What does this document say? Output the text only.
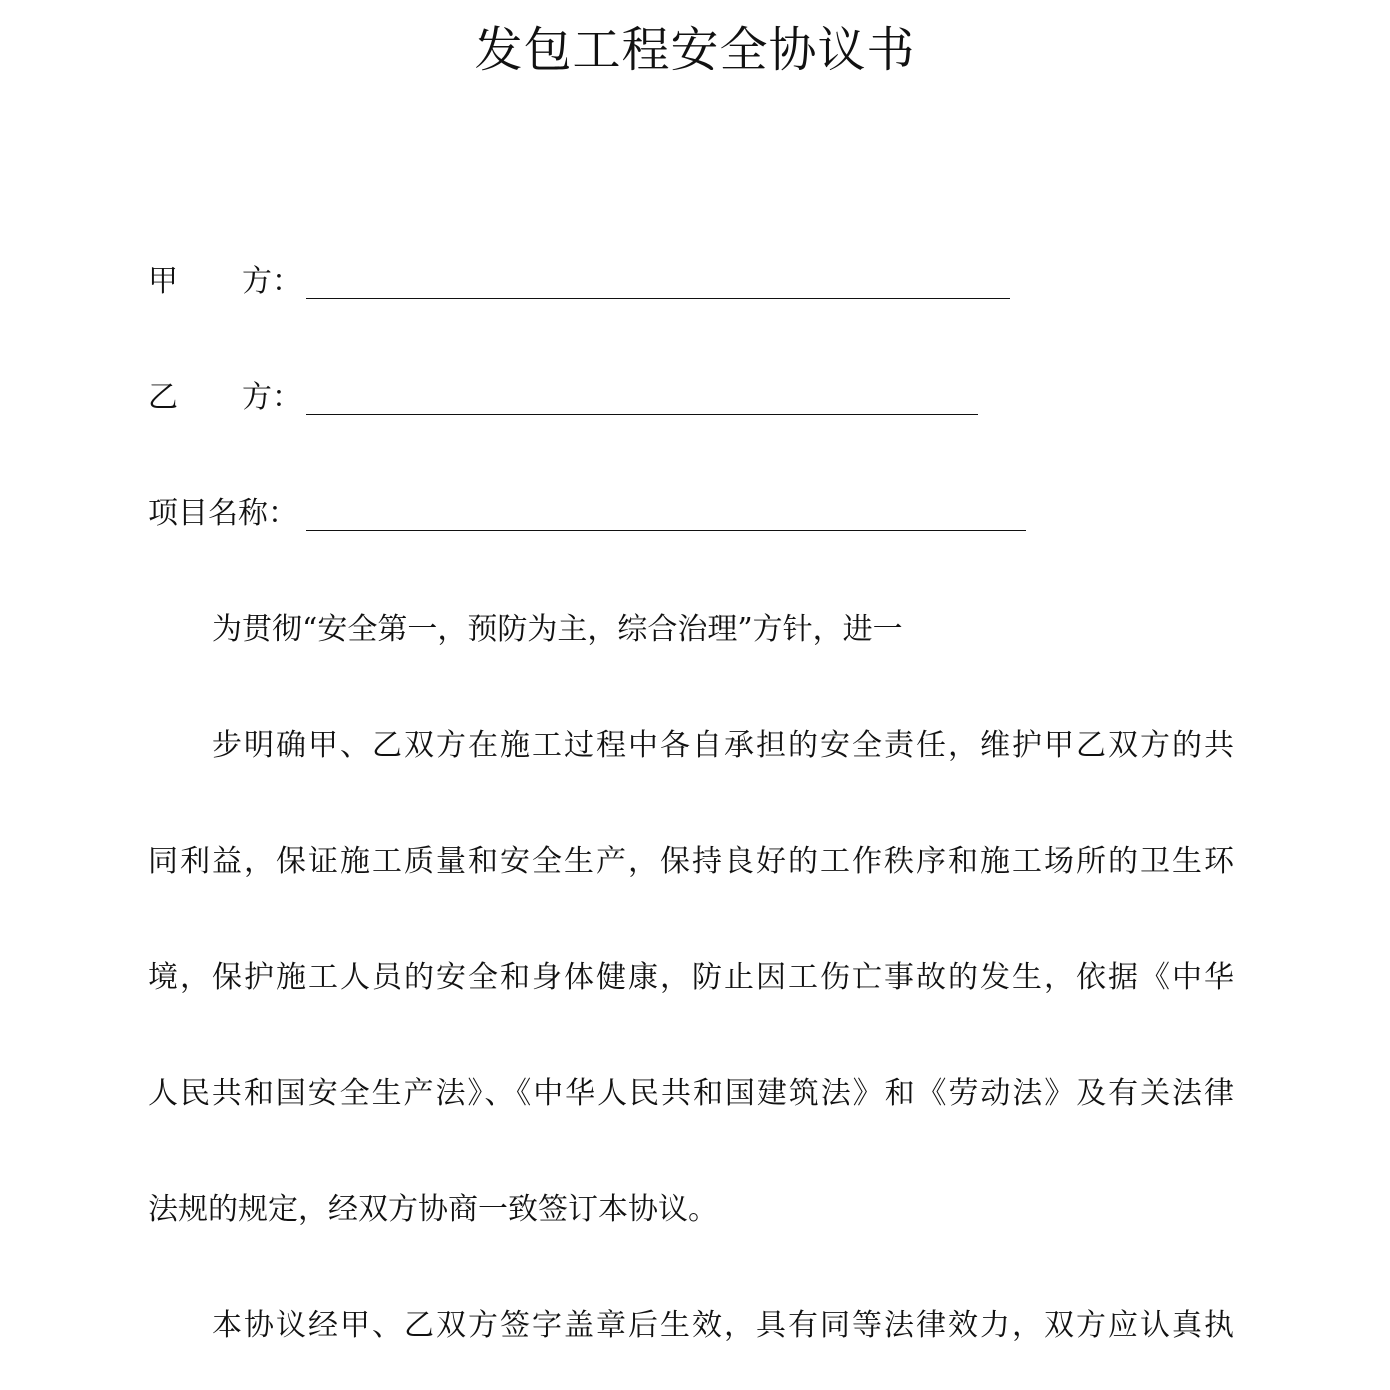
发包工程安全协议书
甲 方：
乙 方：
项目名称：
为贯彻“安全第一，预防为主，综合治理”方针，进一
步明确甲、乙双方在施工过程中各自承担的安全责任，维护甲乙双方的共
同利益，保证施工质量和安全生产，保持良好的工作秩序和施工场所的卫生环
境，保护施工人员的安全和身体健康，防止因工伤亡事故的发生，依据《中华
人民共和国安全生产法》、《中华人民共和国建筑法》和《劳动法》及有关法律
法规的规定，经双方协商一致签订本协议。
本协议经甲、乙双方签字盖章后生效，具有同等法律效力，双方应认真执
